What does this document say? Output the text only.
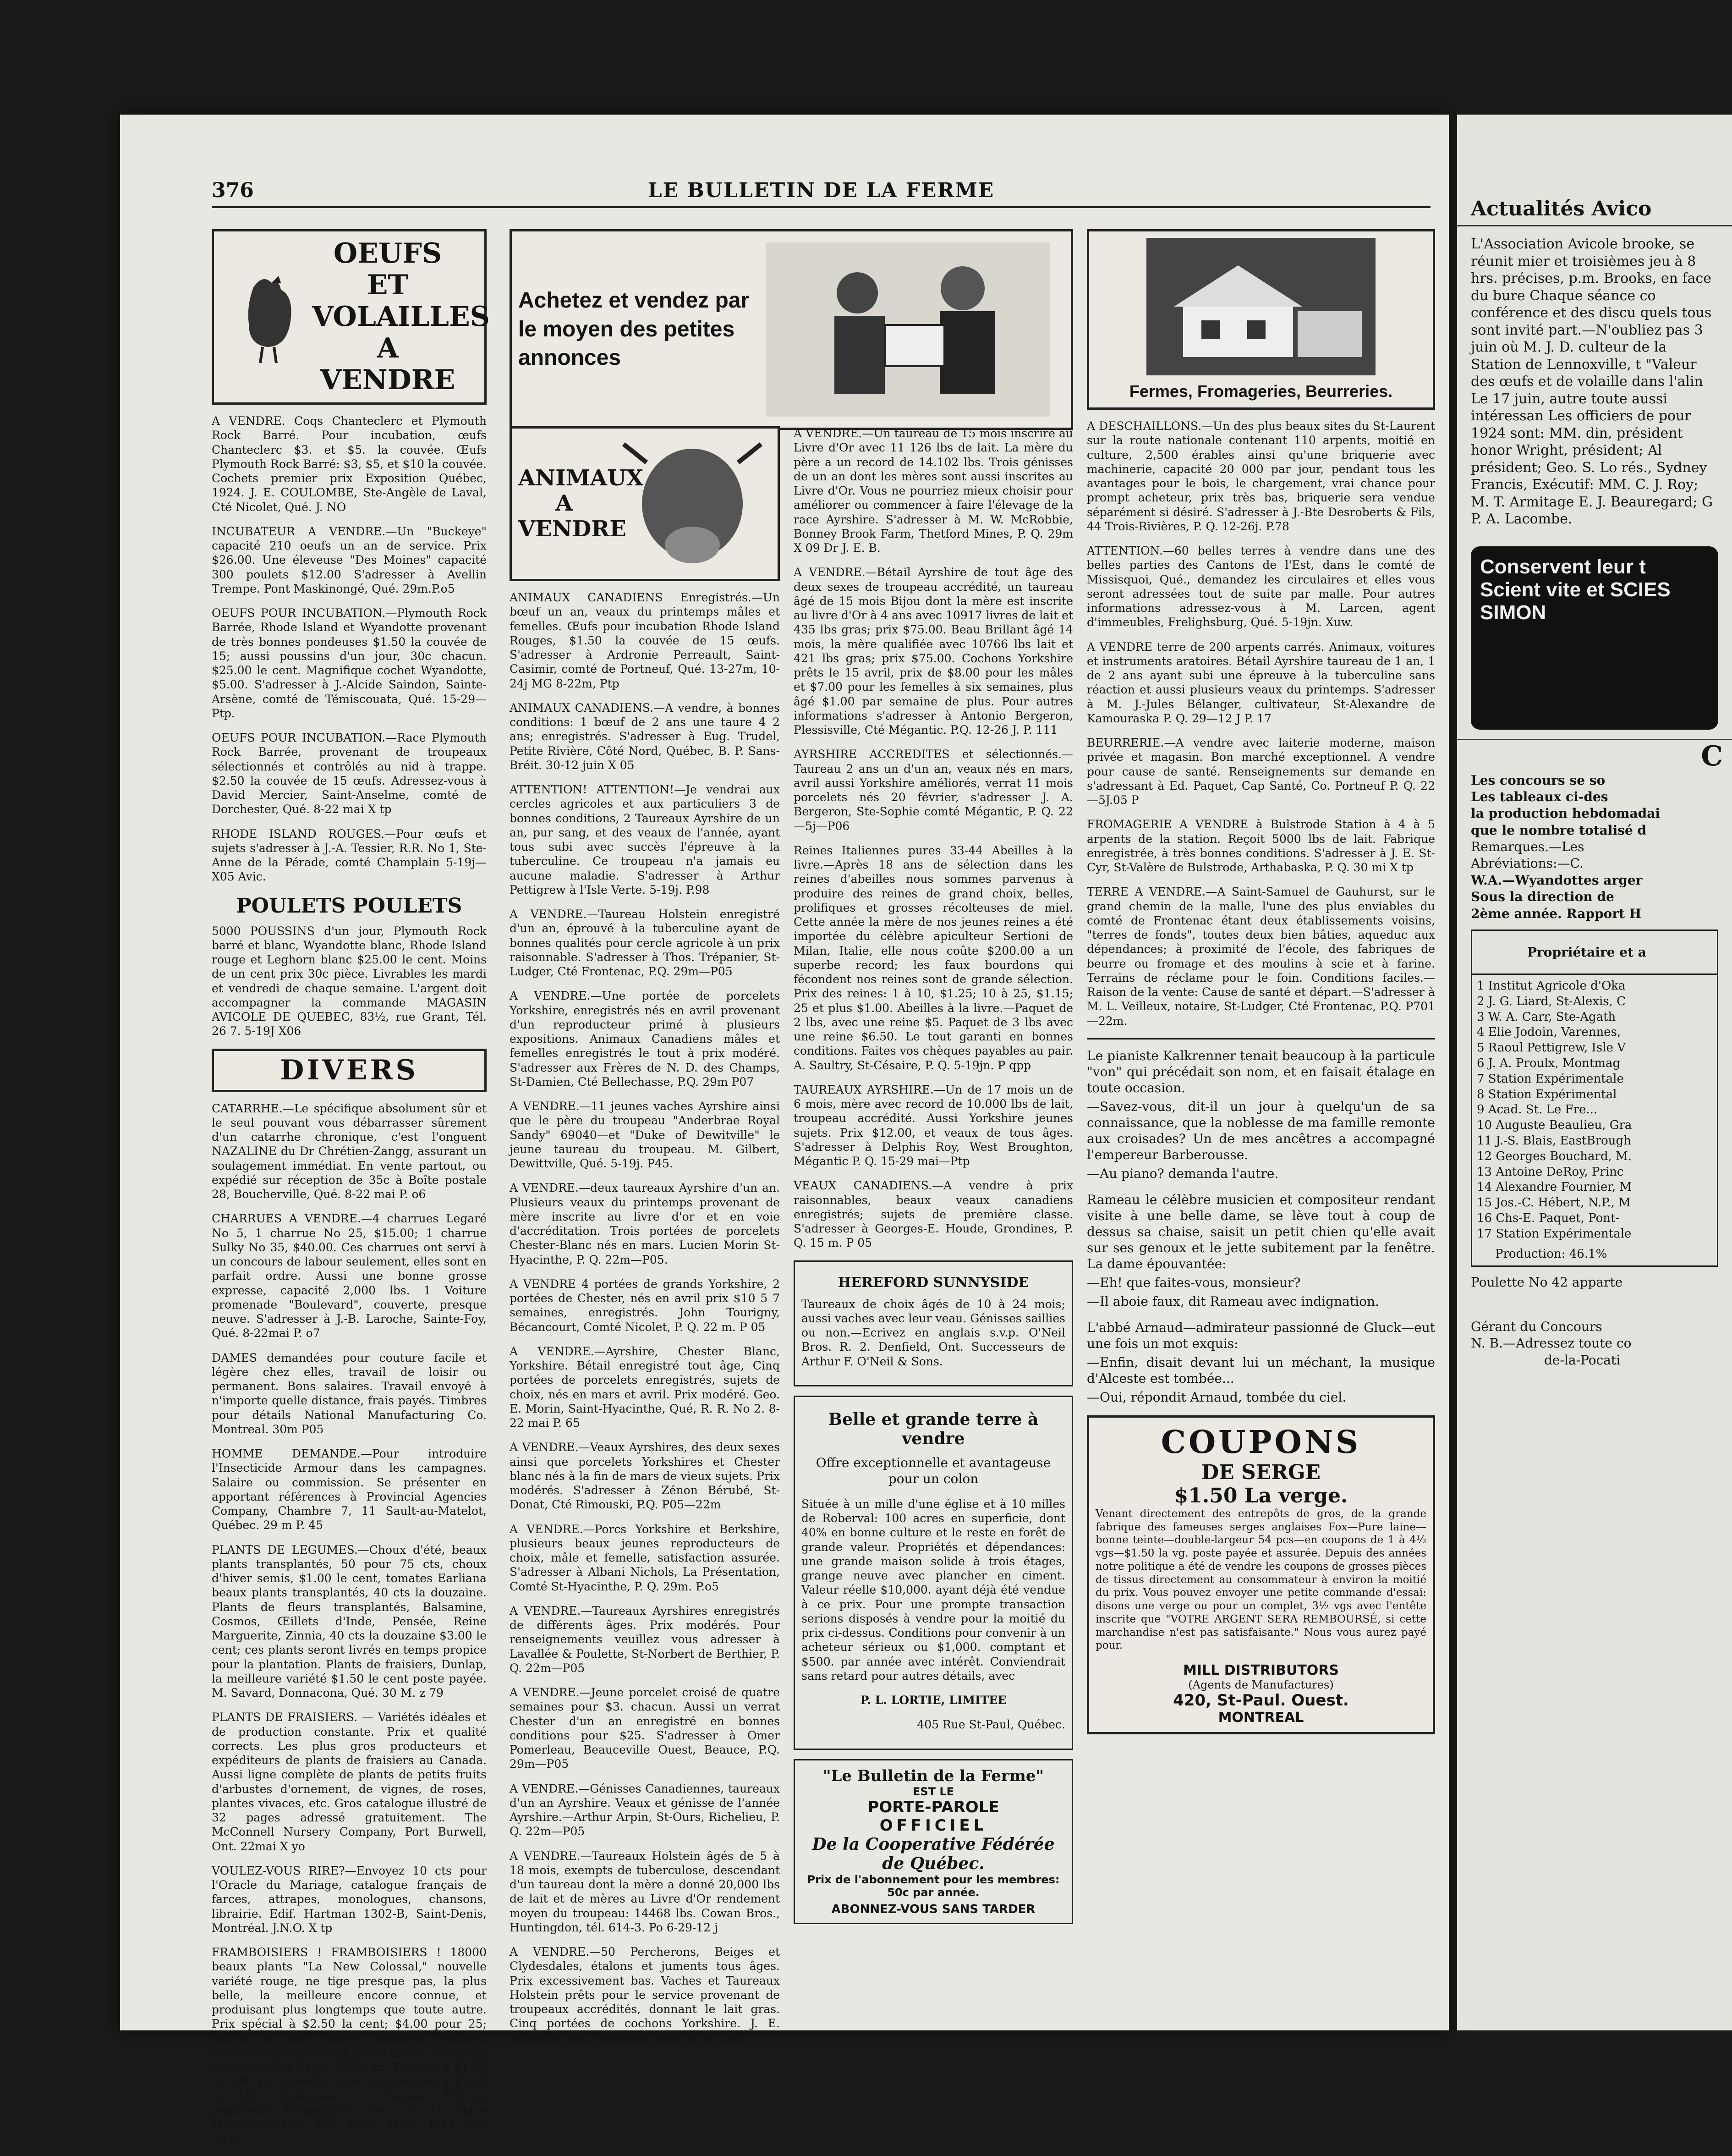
376	LE BULLETIN DE LA FERME
OEUFS ET VOLAILLES A VENDRE

A VENDRE. Coqs Chanteclerc et Plymouth Rock Barré. Pour incubation, œufs Chanteclerc $3. et $5. la couvée. Œufs Plymouth Rock Barré: $3, $5, et $10 la couvée. Cochets premier prix Exposition Québec, 1924. J. E. COULOMBE, Ste-Angèle de Laval, Cté Nicolet, Qué. J. NO

INCUBATEUR A VENDRE.—Un "Buckeye" capacité 210 oeufs un an de service. Prix $26.00. Une éleveuse "Des Moines" capacité 300 poulets $12.00 S'adresser à Avellin Trempe. Pont Maskinongé, Qué. 29m.P.o5

OEUFS POUR INCUBATION.—Plymouth Rock Barrée, Rhode Island et Wyandotte provenant de très bonnes pondeuses $1.50 la couvée de 15; aussi poussins d'un jour, 30c chacun. $25.00 le cent. Magnifique cochet Wyandotte, $5.00. S'adresser à J.-Alcide Saindon, Sainte-Arsène, comté de Témiscouata, Qué. 15-29—Ptp.

OEUFS POUR INCUBATION.—Race Plymouth Rock Barrée, provenant de troupeaux sélectionnés et contrôlés au nid à trappe. $2.50 la couvée de 15 œufs. Adressez-vous à David Mercier, Saint-Anselme, comté de Dorchester, Qué. 8-22 mai X tp

RHODE ISLAND ROUGES.—Pour œufs et sujets s'adresser à J.-A. Tessier, R.R. No 1, Ste-Anne de la Pérade, comté Champlain 5-19j—X05 Avic.

POULETS POULETS

5000 POUSSINS d'un jour, Plymouth Rock barré et blanc, Wyandotte blanc, Rhode Island rouge et Leghorn blanc $25.00 le cent. Moins de un cent prix 30c pièce. Livrables les mardi et vendredi de chaque semaine. L'argent doit accompagner la commande MAGASIN AVICOLE DE QUEBEC, 83½, rue Grant, Tél. 26 7. 5-19J X06

DIVERS

CATARRHE.—Le spécifique absolument sûr et le seul pouvant vous débarrasser sûrement d'un catarrhe chronique, c'est l'onguent NAZALINE du Dr Chrétien-Zangg, assurant un soulagement immédiat. En vente partout, ou expédié sur réception de 35c à Boîte postale 28, Boucherville, Qué. 8-22 mai P. o6

CHARRUES A VENDRE.—4 charrues Legaré No 5, 1 charrue No 25, $15.00; 1 charrue Sulky No 35, $40.00. Ces charrues ont servi à un concours de labour seulement, elles sont en parfait ordre. Aussi une bonne grosse expresse, capacité 2,000 lbs. 1 Voiture promenade "Boulevard", couverte, presque neuve. S'adresser à J.-B. Laroche, Sainte-Foy, Qué. 8-22mai P. o7

DAMES demandées pour couture facile et légère chez elles, travail de loisir ou permanent. Bons salaires. Travail envoyé à n'importe quelle distance, frais payés. Timbres pour détails National Manufacturing Co. Montreal. 30m P05

HOMME DEMANDE.—Pour introduire l'Insecticide Armour dans les campagnes. Salaire ou commission. Se présenter en apportant références à Provincial Agencies Company, Chambre 7, 11 Sault-au-Matelot, Québec. 29 m P. 45

PLANTS DE LEGUMES.—Choux d'été, beaux plants transplantés, 50 pour 75 cts, choux d'hiver semis, $1.00 le cent, tomates Earliana beaux plants transplantés, 40 cts la douzaine. Plants de fleurs transplantés, Balsamine, Cosmos, Œillets d'Inde, Pensée, Reine Marguerite, Zinnia, 40 cts la douzaine $3.00 le cent; ces plants seront livrés en temps propice pour la plantation. Plants de fraisiers, Dunlap, la meilleure variété $1.50 le cent poste payée. M. Savard, Donnacona, Qué. 30 M. z 79

PLANTS DE FRAISIERS. — Variétés idéales et de production constante. Prix et qualité corrects. Les plus gros producteurs et expéditeurs de plants de fraisiers au Canada. Aussi ligne complète de plants de petits fruits d'arbustes d'ornement, de vignes, de roses, plantes vivaces, etc. Gros catalogue illustré de 32 pages adressé gratuitement. The McConnell Nursery Company, Port Burwell, Ont. 22mai X yo

VOULEZ-VOUS RIRE?—Envoyez 10 cts pour l'Oracle du Mariage, catalogue français de farces, attrapes, monologues, chansons, librairie. Edif. Hartman 1302-B, Saint-Denis, Montréal. J.N.O. X tp

FRAMBOISIERS ! FRAMBOISIERS ! 18000 beaux plants "La New Colossal," nouvelle variété rouge, ne tige presque pas, la plus belle, la meilleure encore connue, et produisant plus longtemps que toute autre. Prix spécial à $2.50 la cent; $4.00 pour 25; $10.00 le 100. Autres variétés, Herbert, Cuthbert et Newman, à $2.00 la doz. Plants de fraisiers, Glen Mary, Williams, Dunlop, à $1.50 le 100. La nouvelle fraise progressive à $3.00 le 100. S'adresser à Fregeau Frères, pépinistes, Rougemont, Qué., ou 34, Place Jacques-Cartier. Tél. Main 5163. 8-22 mai X011

Achetez et vendez par le moyen des petites annonces
ANIMAUX A VENDRE

ANIMAUX CANADIENS Enregistrés.—Un bœuf un an, veaux du printemps mâles et femelles. Œufs pour incubation Rhode Island Rouges, $1.50 la couvée de 15 œufs. S'adresser à Ardronie Perreault, Saint-Casimir, comté de Portneuf, Qué. 13-27m, 10-24j MG 8-22m, Ptp

ANIMAUX CANADIENS.—A vendre, à bonnes conditions: 1 bœuf de 2 ans une taure 4 2 ans; enregistrés. S'adresser à Eug. Trudel, Petite Rivière, Côté Nord, Québec, B. P. Sans-Bréit. 30-12 juin X 05

ATTENTION! ATTENTION!—Je vendrai aux cercles agricoles et aux particuliers 3 de bonnes conditions, 2 Taureaux Ayrshire de un an, pur sang, et des veaux de l'année, ayant tous subi avec succès l'épreuve à la tuberculine. Ce troupeau n'a jamais eu aucune maladie. S'adresser à Arthur Pettigrew à l'Isle Verte. 5-19j. P.98

A VENDRE.—Taureau Holstein enregistré d'un an, éprouvé à la tuberculine ayant de bonnes qualités pour cercle agricole à un prix raisonnable. S'adresser à Thos. Trépanier, St-Ludger, Cté Frontenac, P.Q. 29m—P05

A VENDRE.—Une portée de porcelets Yorkshire, enregistrés nés en avril provenant d'un reproducteur primé à plusieurs expositions. Animaux Canadiens mâles et femelles enregistrés le tout à prix modéré. S'adresser aux Frères de N. D. des Champs, St-Damien, Cté Bellechasse, P.Q. 29m P07

A VENDRE.—11 jeunes vaches Ayrshire ainsi que le père du troupeau "Anderbrae Royal Sandy" 69040—et "Duke of Dewitville" le jeune taureau du troupeau. M. Gilbert, Dewittville, Qué. 5-19j. P45.

A VENDRE.—deux taureaux Ayrshire d'un an. Plusieurs veaux du printemps provenant de mère inscrite au livre d'or et en voie d'accréditation. Trois portées de porcelets Chester-Blanc nés en mars. Lucien Morin St-Hyacinthe, P. Q. 22m—P05.

A VENDRE 4 portées de grands Yorkshire, 2 portées de Chester, nés en avril prix $10 5 7 semaines, enregistrés. John Tourigny, Bécancourt, Comté Nicolet, P. Q. 22 m. P 05

A VENDRE.—Ayrshire, Chester Blanc, Yorkshire. Bétail enregistré tout âge, Cinq portées de porcelets enregistrés, sujets de choix, nés en mars et avril. Prix modéré. Geo. E. Morin, Saint-Hyacinthe, Qué, R. R. No 2. 8-22 mai P. 65

A VENDRE.—Veaux Ayrshires, des deux sexes ainsi que porcelets Yorkshires et Chester blanc nés à la fin de mars de vieux sujets. Prix modérés. S'adresser à Zénon Bérubé, St-Donat, Cté Rimouski, P.Q. P05—22m

A VENDRE.—Porcs Yorkshire et Berkshire, plusieurs beaux jeunes reproducteurs de choix, mâle et femelle, satisfaction assurée. S'adresser à Albani Nichols, La Présentation, Comté St-Hyacinthe, P. Q. 29m. P.o5

A VENDRE.—Taureaux Ayrshires enregistrés de différents âges. Prix modérés. Pour renseignements veuillez vous adresser à Lavallée & Poulette, St-Norbert de Berthier, P. Q. 22m—P05

A VENDRE.—Jeune porcelet croisé de quatre semaines pour $3. chacun. Aussi un verrat Chester d'un an enregistré en bonnes conditions pour $25. S'adresser à Omer Pomerleau, Beauceville Ouest, Beauce, P.Q. 29m—P05

A VENDRE.—Génisses Canadiennes, taureaux d'un an Ayrshire. Veaux et génisse de l'année Ayrshire.—Arthur Arpin, St-Ours, Richelieu, P. Q. 22m—P05

A VENDRE.—Taureaux Holstein âgés de 5 à 18 mois, exempts de tuberculose, descendant d'un taureau dont la mère a donné 20,000 lbs de lait et de mères au Livre d'Or rendement moyen du troupeau: 14468 lbs. Cowan Bros., Huntingdon, tél. 614-3. Po 6-29-12 j

A VENDRE.—50 Percherons, Beiges et Clydesdales, étalons et juments tous âges. Prix excessivement bas. Vaches et Taureaux Holstein prêts pour le service provenant de troupeaux accrédités, donnant le lait gras. Cinq portées de cochons Yorkshire. J. E. Arnold & Fils, Grenville, Qué. M. G. 26j.

A VENDRE.—Un taureau de 15 mois inscrire au Livre d'Or avec 11 126 lbs de lait. La mère du père a un record de 14.102 lbs. Trois génisses de un an dont les mères sont aussi inscrites au Livre d'Or. Vous ne pourriez mieux choisir pour améliorer ou commencer à faire l'élevage de la race Ayrshire. S'adresser à M. W. McRobbie, Bonney Brook Farm, Thetford Mines, P. Q. 29m X 09 Dr J. E. B.

A VENDRE.—Bétail Ayrshire de tout âge des deux sexes de troupeau accrédité, un taureau âgé de 15 mois Bijou dont la mère est inscrite au livre d'Or à 4 ans avec 10917 livres de lait et 435 lbs gras; prix $75.00. Beau Brillant âgé 14 mois, la mère qualifiée avec 10766 lbs lait et 421 lbs gras; prix $75.00. Cochons Yorkshire prêts le 15 avril, prix de $8.00 pour les mâles et $7.00 pour les femelles à six semaines, plus âgé $1.00 par semaine de plus. Pour autres informations s'adresser à Antonio Bergeron, Plessisville, Cté Mégantic. P.Q. 12-26 J. P. 111

AYRSHIRE ACCREDITES et sélectionnés.—Taureau 2 ans un d'un an, veaux nés en mars, avril aussi Yorkshire améliorés, verrat 11 mois porcelets nés 20 février, s'adresser J. A. Bergeron, Ste-Sophie comté Mégantic, P. Q. 22—5j—P06

Reines Italiennes pures 33-44 Abeilles à la livre.—Après 18 ans de sélection dans les reines d'abeilles nous sommes parvenus à produire des reines de grand choix, belles, prolifiques et grosses récolteuses de miel. Cette année la mère de nos jeunes reines a été importée du célèbre apiculteur Sertioni de Milan, Italie, elle nous coûte $200.00 a un superbe record; les faux bourdons qui fécondent nos reines sont de grande sélection. Prix des reines: 1 à 10, $1.25; 10 à 25, $1.15; 25 et plus $1.00. Abeilles à la livre.—Paquet de 2 lbs, avec une reine $5. Paquet de 3 lbs avec une reine $6.50. Le tout garanti en bonnes conditions. Faites vos chèques payables au pair. A. Saultry, St-Césaire, P. Q. 5-19jn. P qpp

TAUREAUX AYRSHIRE.—Un de 17 mois un de 6 mois, mère avec record de 10.000 lbs de lait, troupeau accrédité. Aussi Yorkshire jeunes sujets. Prix $12.00, et veaux de tous âges. S'adresser à Delphis Roy, West Broughton, Mégantic P. Q. 15-29 mai—Ptp

VEAUX CANADIENS.—A vendre à prix raisonnables, beaux veaux canadiens enregistrés; sujets de première classe. S'adresser à Georges-E. Houde, Grondines, P. Q. 15 m. P 05

HEREFORD SUNNYSIDE

Taureaux de choix âgés de 10 à 24 mois; aussi vaches avec leur veau. Génisses saillies ou non.—Ecrivez en anglais s.v.p. O'Neil Bros. R. 2. Denfield, Ont. Successeurs de Arthur F. O'Neil & Sons.

Belle et grande terre à vendre
Offre exceptionnelle et avantageuse pour un colon

Située à un mille d'une église et à 10 milles de Roberval: 100 acres en superficie, dont 40% en bonne culture et le reste en forêt de grande valeur. Propriétés et dépendances: une grande maison solide à trois étages, grange neuve avec plancher en ciment. Valeur réelle $10,000. ayant déjà été vendue à ce prix. Pour une prompte transaction serions disposés à vendre pour la moitié du prix ci-dessus. Conditions pour convenir à un acheteur sérieux ou $1,000. comptant et $500. par année avec intérêt. Conviendrait sans retard pour autres détails, avec

P. L. LORTIE, LIMITEE
405 Rue St-Paul, Québec.
"Le Bulletin de la Ferme"
EST LE
PORTE-PAROLE
OFFICIEL
De la Cooperative Fédérée de Québec.
Prix de l'abonnement pour les membres: 50c par année.
ABONNEZ-VOUS SANS TARDER
Fermes, Fromageries, Beurreries.

A DESCHAILLONS.—Un des plus beaux sites du St-Laurent sur la route nationale contenant 110 arpents, moitié en culture, 2,500 érables ainsi qu'une briquerie avec machinerie, capacité 20 000 par jour, pendant tous les avantages pour le bois, le chargement, vrai chance pour prompt acheteur, prix très bas, briquerie sera vendue séparément si désiré. S'adresser à J.-Bte Desroberts & Fils, 44 Trois-Rivières, P. Q. 12-26j. P.78

ATTENTION.—60 belles terres à vendre dans une des belles parties des Cantons de l'Est, dans le comté de Missisquoi, Qué., demandez les circulaires et elles vous seront adressées tout de suite par malle. Pour autres informations adressez-vous à M. Larcen, agent d'immeubles, Frelighsburg, Qué. 5-19jn. Xuw.

A VENDRE terre de 200 arpents carrés. Animaux, voitures et instruments aratoires. Bétail Ayrshire taureau de 1 an, 1 de 2 ans ayant subi une épreuve à la tuberculine sans réaction et aussi plusieurs veaux du printemps. S'adresser à M. J.-Jules Bélanger, cultivateur, St-Alexandre de Kamouraska P. Q. 29—12 J P. 17

BEURRERIE.—A vendre avec laiterie moderne, maison privée et magasin. Bon marché exceptionnel. A vendre pour cause de santé. Renseignements sur demande en s'adressant à Ed. Paquet, Cap Santé, Co. Portneuf P. Q. 22—5J.05 P

FROMAGERIE A VENDRE à Bulstrode Station à 4 à 5 arpents de la station. Reçoit 5000 lbs de lait. Fabrique enregistrée, à très bonnes conditions. S'adresser à J. E. St-Cyr, St-Valère de Bulstrode, Arthabaska, P. Q. 30 mi X tp

TERRE A VENDRE.—A Saint-Samuel de Gauhurst, sur le grand chemin de la malle, l'une des plus enviables du comté de Frontenac étant deux établissements voisins, "terres de fonds", toutes deux bien bâties, aqueduc aux dépendances; à proximité de l'école, des fabriques de beurre ou fromage et des moulins à scie et à farine. Terrains de réclame pour le foin. Conditions faciles.—Raison de la vente: Cause de santé et départ.—S'adresser à M. L. Veilleux, notaire, St-Ludger, Cté Frontenac, P.Q. P701—22m.

Le pianiste Kalkrenner tenait beaucoup à la particule "von" qui précédait son nom, et en faisait étalage en toute occasion.

—Savez-vous, dit-il un jour à quelqu'un de sa connaissance, que la noblesse de ma famille remonte aux croisades? Un de mes ancêtres a accompagné l'empereur Barberousse.

—Au piano? demanda l'autre.

Rameau le célèbre musicien et compositeur rendant visite à une belle dame, se lève tout à coup de dessus sa chaise, saisit un petit chien qu'elle avait sur ses genoux et le jette subitement par la fenêtre. La dame épouvantée:

—Eh! que faites-vous, monsieur?

—Il aboie faux, dit Rameau avec indignation.

L'abbé Arnaud—admirateur passionné de Gluck—eut une fois un mot exquis:

—Enfin, disait devant lui un méchant, la musique d'Alceste est tombée...

—Oui, répondit Arnaud, tombée du ciel.

COUPONS
DE SERGE
$1.50 La verge.

Venant directement des entrepôts de gros, de la grande fabrique des fameuses serges anglaises Fox—Pure laine—bonne teinte—double-largeur 54 pcs—en coupons de 1 à 4½ vgs—$1.50 la vg. poste payée et assurée. Depuis des années notre politique a été de vendre les coupons de grosses pièces de tissus directement au consommateur à environ la moitié du prix. Vous pouvez envoyer une petite commande d'essai: disons une verge ou pour un complet, 3½ vgs avec l'entête inscrite que "VOTRE ARGENT SERA REMBOURSÉ, si cette marchandise n'est pas satisfaisante." Nous vous aurez payé pour.

MILL DISTRIBUTORS
(Agents de Manufactures)
420, St-Paul. Ouest.
MONTREAL
Actualités Avico
L'Association Avicole brooke, se réunit mier et troisièmes jeu à 8 hrs. précises, p.m. Brooks, en face du bure Chaque séance co conférence et des discu quels tous sont invité part.—N'oubliez pas 3 juin où M. J. D. culteur de la Station de Lennoxville, t "Valeur des œufs et de volaille dans l'alin Le 17 juin, autre toute aussi intéressan Les officiers de pour 1924 sont: MM. din, président honor Wright, président; Al président; Geo. S. Lo rés., Sydney Francis, Exécutif: MM. C. J. Roy; M. T. Armitage E. J. Beauregard; G P. A. Lacombe.
Conservent leur t Scient vite et SCIES SIMON
C
Les concours se so
Les tableaux ci-des
la production hebdomadai
que le nombre totalisé d
Remarques.—Les
Abréviations:—C.
W.A.—Wyandottes arger
Sous la direction de
2ème année. Rapport H
Propriétaire et a
1 Institut Agricole d'Oka
2 J. G. Liard, St-Alexis, C
3 W. A. Carr, Ste-Agath
4 Elie Jodoin, Varennes,
5 Raoul Pettigrew, Isle V
6 J. A. Proulx, Montmag
7 Station Expérimentale
8 Station Expérimental
9 Acad. St. Le Fre...
10 Auguste Beaulieu, Gra
11 J.-S. Blais, EastBrough
12 Georges Bouchard, M.
13 Antoine DeRoy, Princ
14 Alexandre Fournier, M
15 Jos.-C. Hébert, N.P., M
16 Chs-E. Paquet, Pont-
17 Station Expérimentale
Production: 46.1%
Poulette No 42 apparte
Gérant du Concours
N. B.—Adressez toute co
de-la-Pocati
